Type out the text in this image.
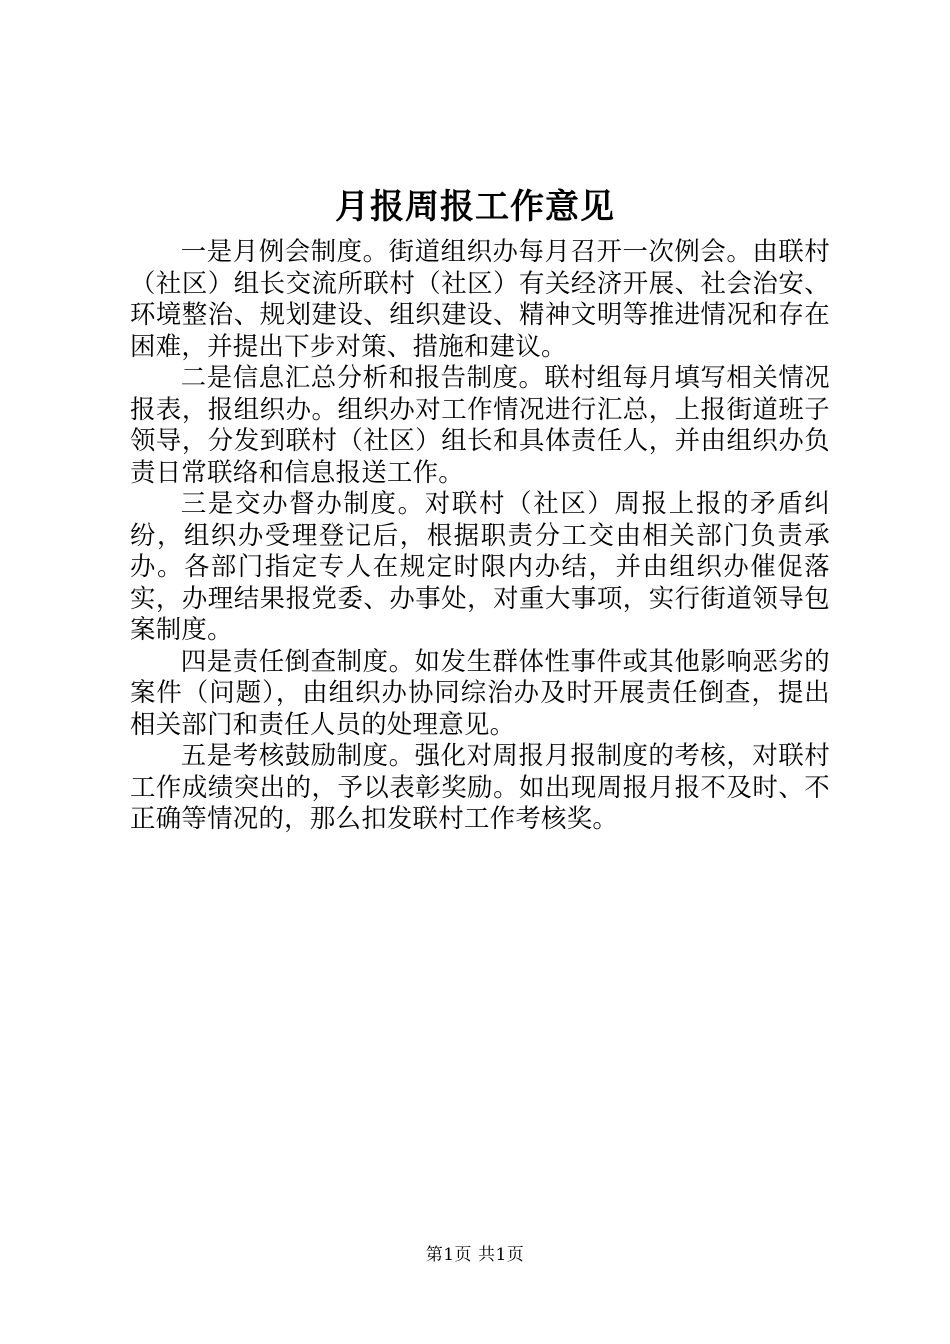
月报周报工作意见

一是月例会制度。街道组织办每月召开一次例会。由联村（社区）组长交流所联村（社区）有关经济开展、社会治安、环境整治、规划建设、组织建设、精神文明等推进情况和存在困难，并提出下步对策、措施和建议。

二是信息汇总分析和报告制度。联村组每月填写相关情况报表，报组织办。组织办对工作情况进行汇总，上报街道班子领导，分发到联村（社区）组长和具体责任人，并由组织办负责日常联络和信息报送工作。

三是交办督办制度。对联村（社区）周报上报的矛盾纠纷，组织办受理登记后，根据职责分工交由相关部门负责承办。各部门指定专人在规定时限内办结，并由组织办催促落实，办理结果报党委、办事处，对重大事项，实行街道领导包案制度。

四是责任倒查制度。如发生群体性事件或其他影响恶劣的案件（问题），由组织办协同综治办及时开展责任倒查，提出相关部门和责任人员的处理意见。

五是考核鼓励制度。强化对周报月报制度的考核，对联村工作成绩突出的，予以表彰奖励。如出现周报月报不及时、不正确等情况的，那么扣发联村工作考核奖。

第1页 共1页
